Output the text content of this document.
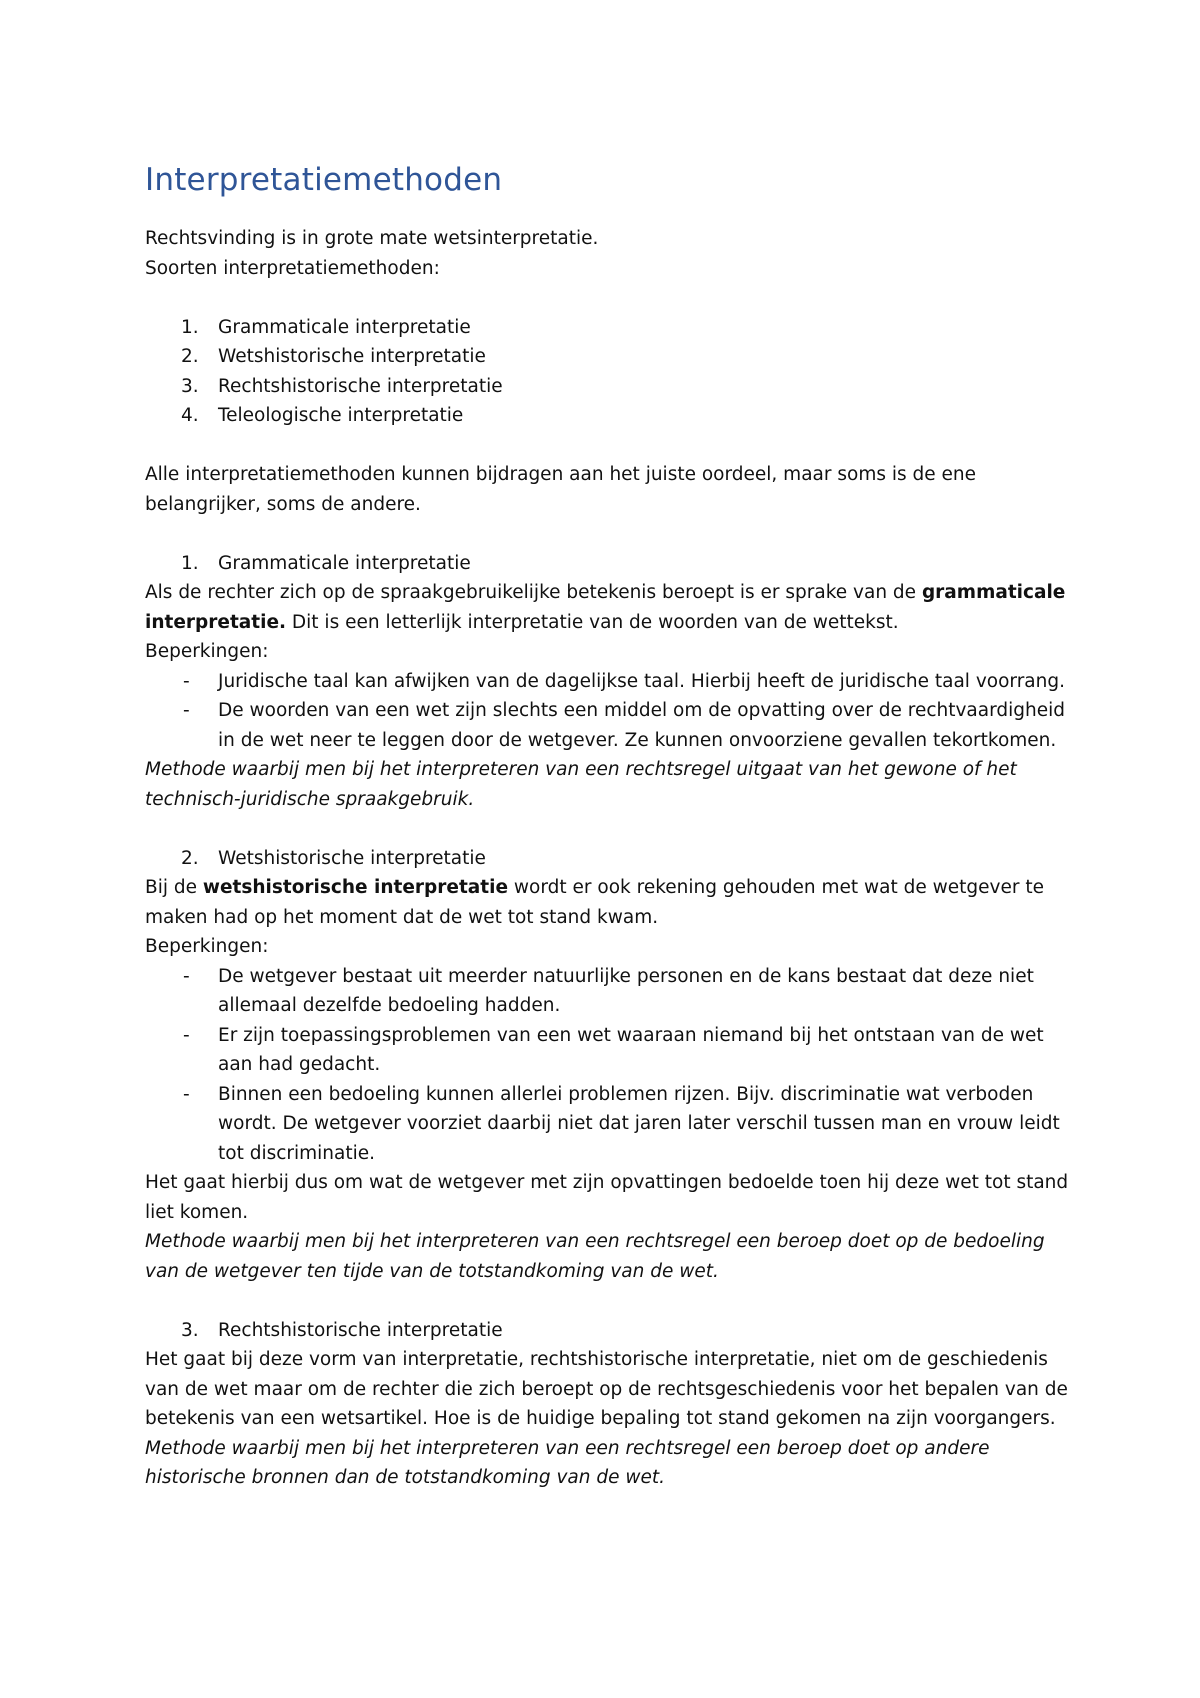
Interpretatiemethoden

Rechtsvinding is in grote mate wetsinterpretatie.

Soorten interpretatiemethoden:

1. Grammaticale interpretatie
2. Wetshistorische interpretatie
3. Rechtshistorische interpretatie
4. Teleologische interpretatie

Alle interpretatiemethoden kunnen bijdragen aan het juiste oordeel, maar soms is de ene belangrijker, soms de andere.

1. Grammaticale interpretatie

Als de rechter zich op de spraakgebruikelijke betekenis beroept is er sprake van de grammaticale interpretatie. Dit is een letterlijk interpretatie van de woorden van de wettekst.

Beperkingen:

- Juridische taal kan afwijken van de dagelijkse taal. Hierbij heeft de juridische taal voorrang.
- De woorden van een wet zijn slechts een middel om de opvatting over de rechtvaardigheid in de wet neer te leggen door de wetgever. Ze kunnen onvoorziene gevallen tekortkomen.

Methode waarbij men bij het interpreteren van een rechtsregel uitgaat van het gewone of het technisch-juridische spraakgebruik.

2. Wetshistorische interpretatie

Bij de wetshistorische interpretatie wordt er ook rekening gehouden met wat de wetgever te maken had op het moment dat de wet tot stand kwam.

Beperkingen:

- De wetgever bestaat uit meerder natuurlijke personen en de kans bestaat dat deze niet allemaal dezelfde bedoeling hadden.
- Er zijn toepassingsproblemen van een wet waaraan niemand bij het ontstaan van de wet aan had gedacht.
- Binnen een bedoeling kunnen allerlei problemen rijzen. Bijv. discriminatie wat verboden wordt. De wetgever voorziet daarbij niet dat jaren later verschil tussen man en vrouw leidt tot discriminatie.

Het gaat hierbij dus om wat de wetgever met zijn opvattingen bedoelde toen hij deze wet tot stand liet komen.

Methode waarbij men bij het interpreteren van een rechtsregel een beroep doet op de bedoeling van de wetgever ten tijde van de totstandkoming van de wet.

3. Rechtshistorische interpretatie

Het gaat bij deze vorm van interpretatie, rechtshistorische interpretatie, niet om de geschiedenis van de wet maar om de rechter die zich beroept op de rechtsgeschiedenis voor het bepalen van de betekenis van een wetsartikel. Hoe is de huidige bepaling tot stand gekomen na zijn voorgangers.

Methode waarbij men bij het interpreteren van een rechtsregel een beroep doet op andere historische bronnen dan de totstandkoming van de wet.
